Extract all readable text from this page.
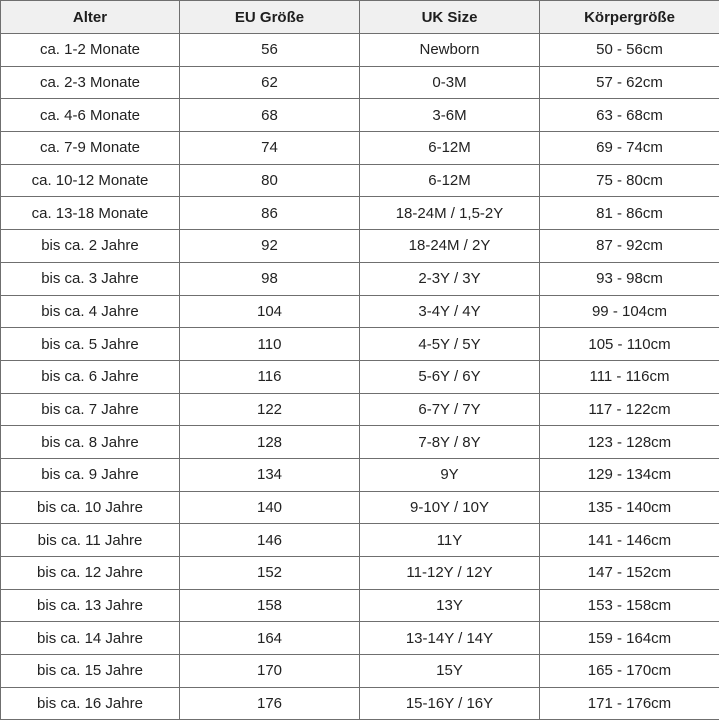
Alter	EU Größe	UK Size	Körpergröße
ca. 1-2 Monate	56	Newborn	50 - 56cm
ca. 2-3 Monate	62	0-3M	57 - 62cm
ca. 4-6 Monate	68	3-6M	63 - 68cm
ca. 7-9 Monate	74	6-12M	69 - 74cm
ca. 10-12 Monate	80	6-12M	75 - 80cm
ca. 13-18 Monate	86	18-24M / 1,5-2Y	81 - 86cm
bis ca. 2 Jahre	92	18-24M / 2Y	87 - 92cm
bis ca. 3 Jahre	98	2-3Y / 3Y	93 - 98cm
bis ca. 4 Jahre	104	3-4Y / 4Y	99 - 104cm
bis ca. 5 Jahre	110	4-5Y / 5Y	105 - 110cm
bis ca. 6 Jahre	116	5-6Y / 6Y	111 - 116cm
bis ca. 7 Jahre	122	6-7Y / 7Y	117 - 122cm
bis ca. 8 Jahre	128	7-8Y / 8Y	123 - 128cm
bis ca. 9 Jahre	134	9Y	129 - 134cm
bis ca. 10 Jahre	140	9-10Y / 10Y	135 - 140cm
bis ca. 11 Jahre	146	11Y	141 - 146cm
bis ca. 12 Jahre	152	11-12Y / 12Y	147 - 152cm
bis ca. 13 Jahre	158	13Y	153 - 158cm
bis ca. 14 Jahre	164	13-14Y / 14Y	159 - 164cm
bis ca. 15 Jahre	170	15Y	165 - 170cm
bis ca. 16 Jahre	176	15-16Y / 16Y	171 - 176cm
